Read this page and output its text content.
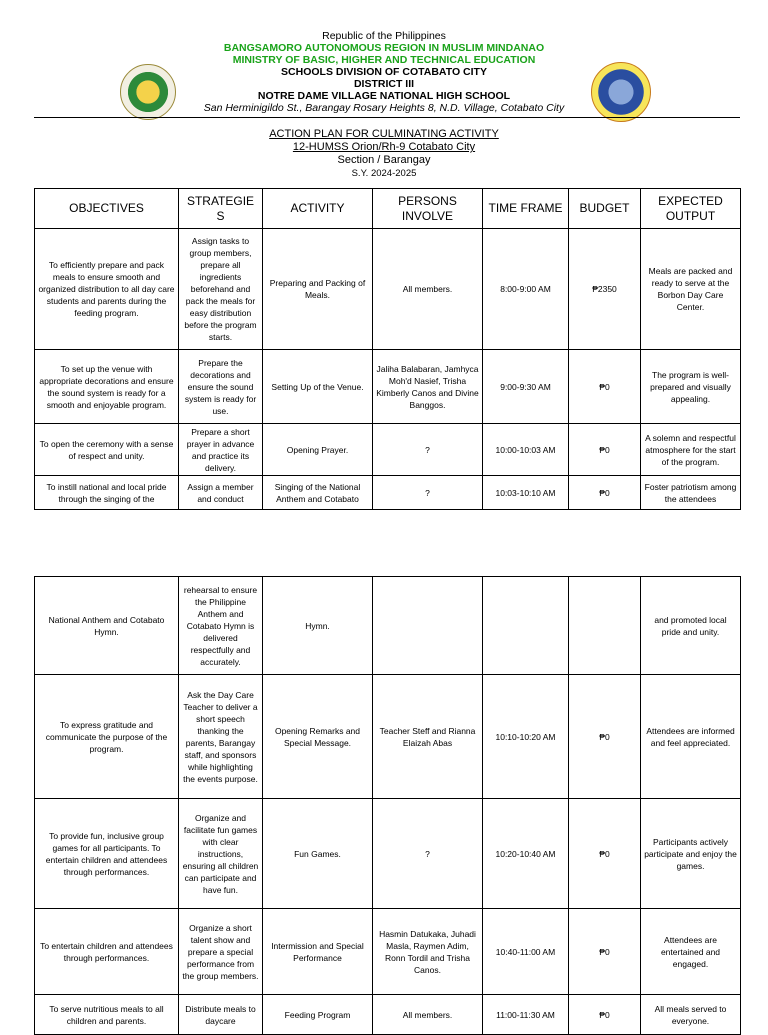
Republic of the Philippines
BANGSAMORO AUTONOMOUS REGION IN MUSLIM MINDANAO
MINISTRY OF BASIC, HIGHER AND TECHNICAL EDUCATION
SCHOOLS DIVISION OF COTABATO CITY
DISTRICT III
NOTRE DAME VILLAGE NATIONAL HIGH SCHOOL
San Herminigildo St., Barangay Rosary Heights 8, N.D. Village, Cotabato City
ACTION PLAN FOR CULMINATING ACTIVITY
12-HUMSS Orion/Rh-9 Cotabato City
Section / Barangay
S.Y. 2024-2025
OBJECTIVES	STRATEGIE S	ACTIVITY	PERSONS INVOLVE	TIME FRAME	BUDGET	EXPECTED OUTPUT
To efficiently prepare and pack meals to ensure smooth and organized distribution to all day care students and parents during the feeding program.	Assign tasks to group members, prepare all ingredients beforehand and pack the meals for easy distribution before the program starts.	Preparing and Packing of Meals.	All members.	8:00-9:00 AM	₱2350	Meals are packed and ready to serve at the Borbon Day Care Center.
To set up the venue with appropriate decorations and ensure the sound system is ready for a smooth and enjoyable program.	Prepare the decorations and ensure the sound system is ready for use.	Setting Up of the Venue.	Jaliha Balabaran, Jamhyca Moh'd Nasief, Trisha Kimberly Canos and Divine Banggos.	9:00-9:30 AM	₱0	The program is well-prepared and visually appealing.
To open the ceremony with a sense of respect and unity.	Prepare a short prayer in advance and practice its delivery.	Opening Prayer.	?	10:00-10:03 AM	₱0	A solemn and respectful atmosphere for the start of the program.
To instill national and local pride through the singing of the	Assign a member and conduct	Singing of the National Anthem and Cotabato	?	10:03-10:10 AM	₱0	Foster patriotism among the attendees
National Anthem and Cotabato Hymn.	rehearsal to ensure the Philippine Anthem and Cotabato Hymn is delivered respectfully and accurately.	Hymn.				and promoted local pride and unity.
To express gratitude and communicate the purpose of the program.	Ask the Day Care Teacher to deliver a short speech thanking the parents, Barangay staff, and sponsors while highlighting the events purpose.	Opening Remarks and Special Message.	Teacher Steff and Rianna Elaizah Abas	10:10-10:20 AM	₱0	Attendees are informed and feel appreciated.
To provide fun, inclusive group games for all participants. To entertain children and attendees through performances.	Organize and facilitate fun games with clear instructions, ensuring all children can participate and have fun.	Fun Games.	?	10:20-10:40 AM	₱0	Participants actively participate and enjoy the games.
To entertain children and attendees through performances.	Organize a short talent show and prepare a special performance from the group members.	Intermission and Special Performance	Hasmin Datukaka, Juhadi Masla, Raymen Adim, Ronn Tordil and Trisha Canos.	10:40-11:00 AM	₱0	Attendees are entertained and engaged.
To serve nutritious meals to all children and parents.	Distribute meals to daycare	Feeding Program	All members.	11:00-11:30 AM	₱0	All meals served to everyone.
